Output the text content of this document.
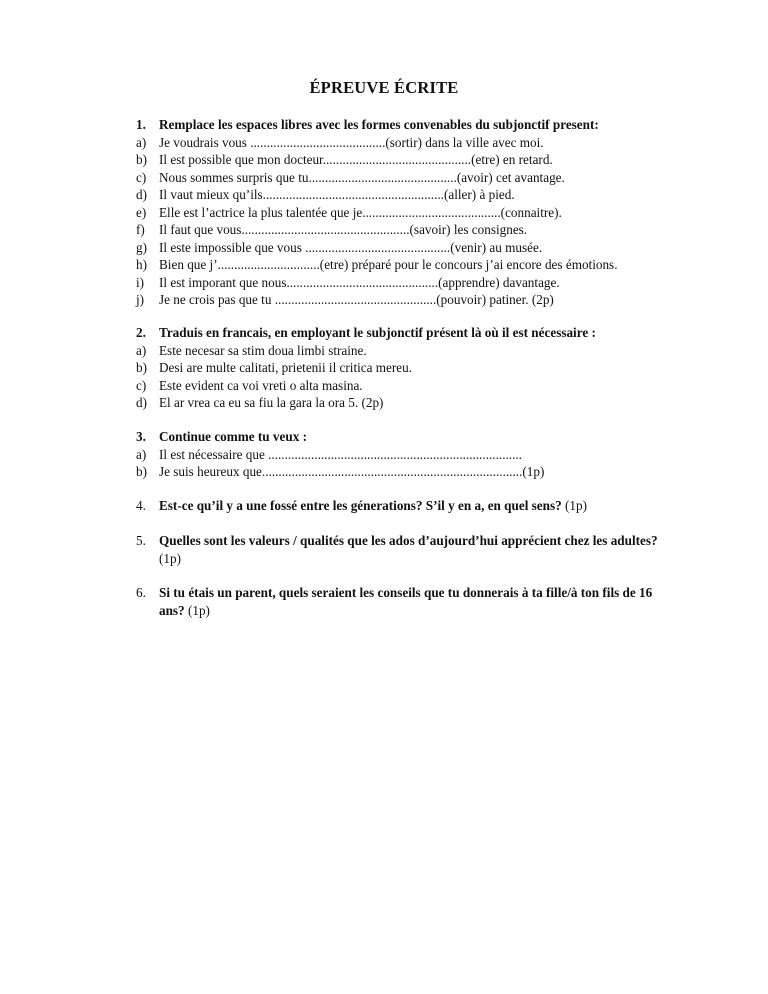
ÉPREUVE ÉCRITE
1. Remplace les espaces libres avec les formes convenables du subjonctif present:
a) Je voudrais vous .........................................(sortir) dans la ville avec moi.
b) Il est possible que mon docteur.............................................(etre) en retard.
c) Nous sommes surpris que tu.............................................(avoir) cet avantage.
d) Il vaut mieux qu’ils.......................................................(aller) à pied.
e) Elle est l’actrice la plus talentée que je..........................................(connaitre).
f)	Il faut que vous...................................................(savoir) les consignes.
g) Il este impossible que vous ............................................(venir) au musée.
h) Bien que j’...............................(etre) préparé pour le concours j’ai encore des émotions.
i)	Il est imporant que nous..............................................(apprendre) davantage.
j)	Je ne crois pas que tu .................................................(pouvoir) patiner. (2p)
2. Traduis en francais, en employant le subjonctif présent là où il est nécessaire :
a) Este necesar sa stim doua limbi straine.
b) Desi are multe calitati, prietenii il critica mereu.
c) Este evident ca voi vreti o alta masina.
d) El ar vrea ca eu sa fiu la gara la ora 5. (2p)
3. Continue comme tu veux :
a) Il est nécessaire que .............................................................................
b) Je suis heureux que...............................................................................(1p)
4. Est-ce qu’il y a une fossé entre les génerations? S’il y en a, en quel sens? (1p)
5. Quelles sont les valeurs / qualités que les ados d’aujourd’hui apprécient chez les adultes? (1p)
6. Si tu étais un parent, quels seraient les conseils que tu donnerais à ta fille/à ton fils de 16 ans? (1p)
